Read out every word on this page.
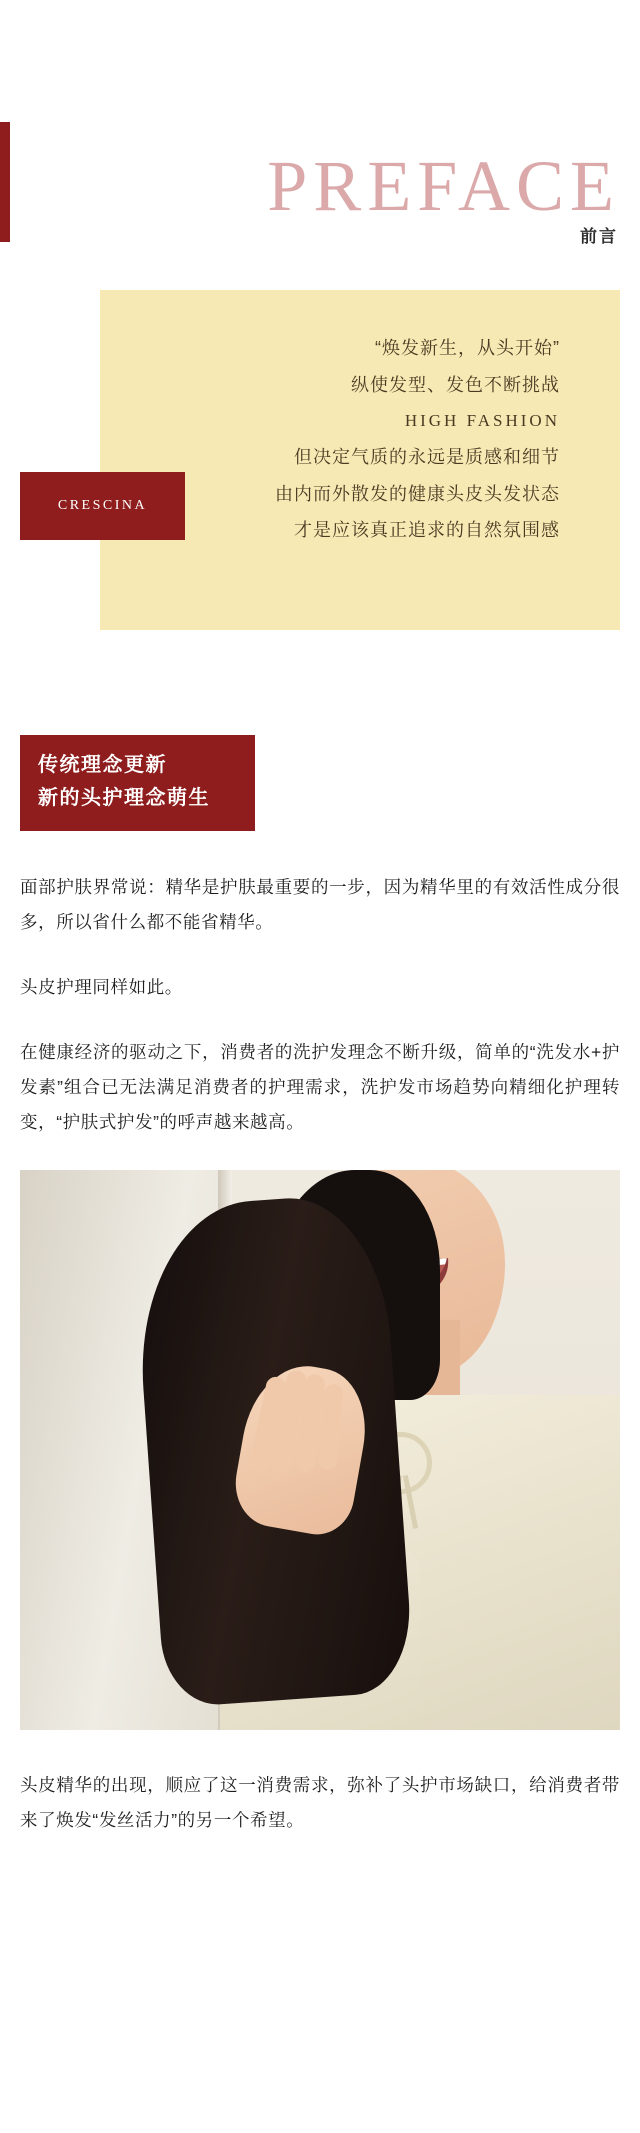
PREFACE
前言
“焕发新生，从头开始”
纵使发型、发色不断挑战
HIGH FASHION
但决定气质的永远是质感和细节
由内而外散发的健康头皮头发状态
才是应该真正追求的自然氛围感
CRESCINA
传统理念更新
新的头护理念萌生

面部护肤界常说：精华是护肤最重要的一步，因为精华里的有效活性成分很多，所以省什么都不能省精华。

头皮护理同样如此。

在健康经济的驱动之下，消费者的洗护发理念不断升级，简单的“洗发水+护发素”组合已无法满足消费者的护理需求，洗护发市场趋势向精细化护理转变，“护肤式护发”的呼声越来越高。

头皮精华的出现，顺应了这一消费需求，弥补了头护市场缺口，给消费者带来了焕发“发丝活力”的另一个希望。
